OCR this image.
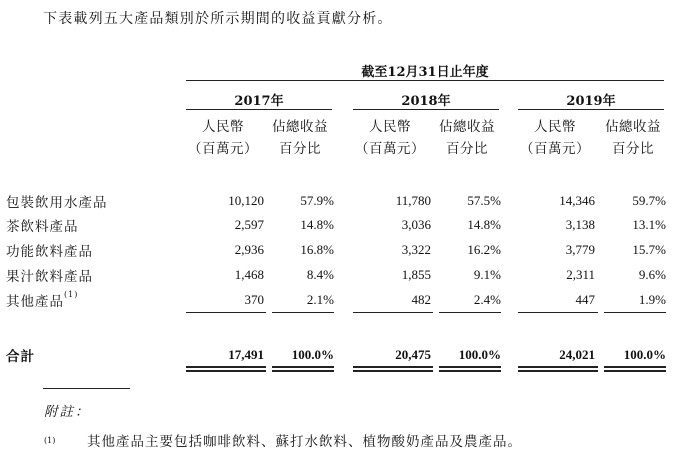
下表載列五大產品類別於所示期間的收益貢獻分析。
截至12月31日止年度
2017年	2018年	2019年
人民幣
（百萬元）
佔總收益
百分比
人民幣
（百萬元）
佔總收益
百分比
人民幣
（百萬元）
佔總收益
百分比
包裝飲用水產品	10,120	57.9%	11,780	57.5%	14,346	59.7%
茶飲料產品	2,597	14.8%	3,036	14.8%	3,138	13.1%
功能飲料產品	2,936	16.8%	3,322	16.2%	3,779	15.7%
果汁飲料產品	1,468	8.4%	1,855	9.1%	2,311	9.6%
其他產品$^{(1)}$	370	2.1%	482	2.4%	447	1.9%
合計	17,491 100.0%	20,475 100.0%	24,021 100.0%
附註：
(1) 其他產品主要包括咖啡飲料、蘇打水飲料、植物酸奶產品及農產品。
